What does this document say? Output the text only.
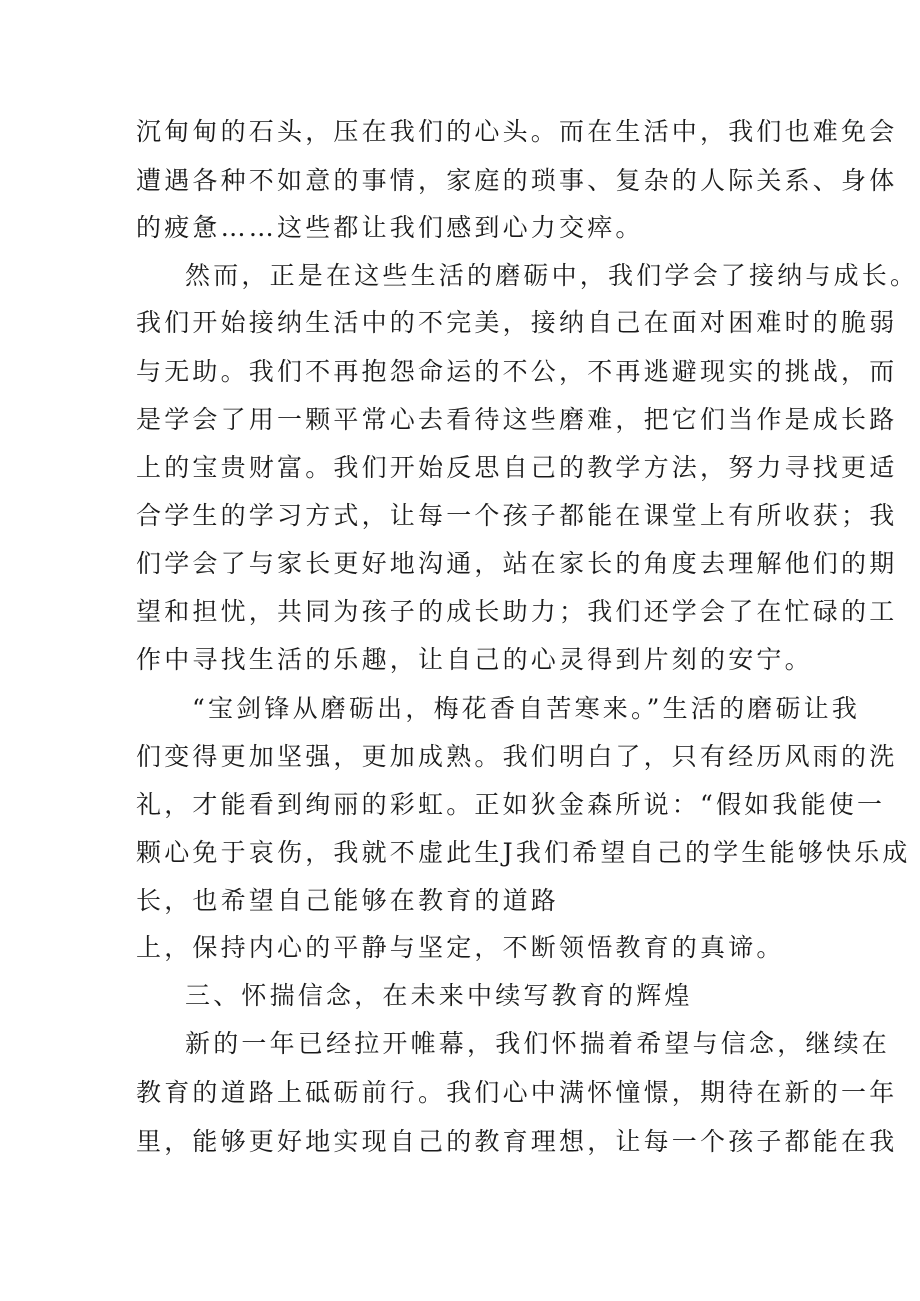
沉甸甸的石头，压在我们的心头。而在生活中，我们也难免会
遭遇各种不如意的事情，家庭的琐事、复杂的人际关系、身体
的疲惫……这些都让我们感到心力交瘁。
然而，正是在这些生活的磨砺中，我们学会了接纳与成长。
我们开始接纳生活中的不完美，接纳自己在面对困难时的脆弱
与无助。我们不再抱怨命运的不公，不再逃避现实的挑战，而
是学会了用一颗平常心去看待这些磨难，把它们当作是成长路
上的宝贵财富。我们开始反思自己的教学方法，努力寻找更适
合学生的学习方式，让每一个孩子都能在课堂上有所收获；我
们学会了与家长更好地沟通，站在家长的角度去理解他们的期
望和担忧，共同为孩子的成长助力；我们还学会了在忙碌的工
作中寻找生活的乐趣，让自己的心灵得到片刻的安宁。
“宝剑锋从磨砺出，梅花香自苦寒来。”生活的磨砺让我
们变得更加坚强，更加成熟。我们明白了，只有经历风雨的洗
礼，才能看到绚丽的彩虹。正如狄金森所说：“假如我能使一
颗心免于哀伤，我就不虚此生J我们希望自己的学生能够快乐成
长，也希望自己能够在教育的道路
上，保持内心的平静与坚定，不断领悟教育的真谛。
三、怀揣信念，在未来中续写教育的辉煌
新的一年已经拉开帷幕，我们怀揣着希望与信念，继续在
教育的道路上砥砺前行。我们心中满怀憧憬，期待在新的一年
里，能够更好地实现自己的教育理想，让每一个孩子都能在我
